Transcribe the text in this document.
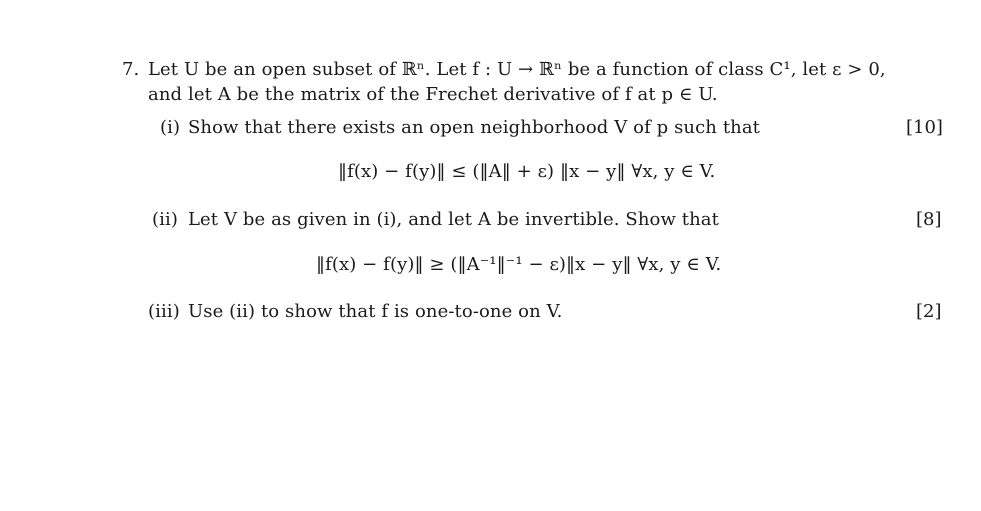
7. Let U be an open subset of ℝⁿ. Let f : U → ℝⁿ be a function of class C¹, let ε > 0,
and let A be the matrix of the Frechet derivative of f at p ∈ U.
(i) Show that there exists an open neighborhood V of p such that	[10]
‖f(x) − f(y)‖ ≤ (‖A‖ + ε) ‖x − y‖ ∀x, y ∈ V.
(ii) Let V be as given in (i), and let A be invertible. Show that	[8]
‖f(x) − f(y)‖ ≥ (‖A⁻¹‖⁻¹ − ε)‖x − y‖ ∀x, y ∈ V.
(iii) Use (ii) to show that f is one-to-one on V.	[2]
